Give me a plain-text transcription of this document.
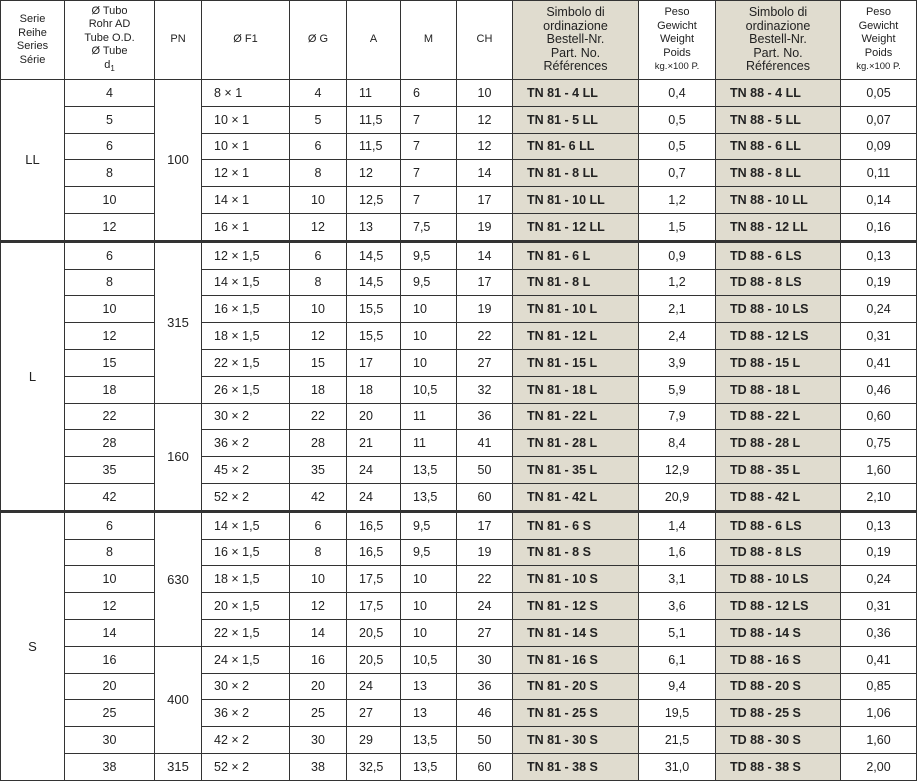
Serie
Reihe
Series
Série	Ø Tubo
Rohr AD
Tube O.D.
Ø Tube
$d_1$	PN	Ø F1	Ø G	A	M	CH	Simbolo di
ordinazione
Bestell-Nr.
Part. No.
Références	Peso
Gewicht
Weight
Poids
kg.×100 P.	Simbolo di
ordinazione
Bestell-Nr.
Part. No.
Références	Peso
Gewicht
Weight
Poids
kg.×100 P.
LL	4	100	8 × 1	4	11	6	10	TN 81 - 4 LL	0,4	TN 88 - 4 LL	0,05
	5		10 × 1	5	11,5	7	12	TN 81 - 5 LL	0,5	TN 88 - 5 LL	0,07
	6		10 × 1	6	11,5	7	12	TN 81- 6 LL	0,5	TN 88 - 6 LL	0,09
	8		12 × 1	8	12	7	14	TN 81 - 8 LL	0,7	TN 88 - 8 LL	0,11
	10		14 × 1	10	12,5	7	17	TN 81 - 10 LL	1,2	TN 88 - 10 LL	0,14
	12		16 × 1	12	13	7,5	19	TN 81 - 12 LL	1,5	TN 88 - 12 LL	0,16
L	6	315	12 × 1,5	6	14,5	9,5	14	TN 81 - 6 L	0,9	TD 88 - 6 LS	0,13
	8		14 × 1,5	8	14,5	9,5	17	TN 81 - 8 L	1,2	TD 88 - 8 LS	0,19
	10		16 × 1,5	10	15,5	10	19	TN 81 - 10 L	2,1	TD 88 - 10 LS	0,24
	12		18 × 1,5	12	15,5	10	22	TN 81 - 12 L	2,4	TD 88 - 12 LS	0,31
	15		22 × 1,5	15	17	10	27	TN 81 - 15 L	3,9	TD 88 - 15 L	0,41
	18		26 × 1,5	18	18	10,5	32	TN 81 - 18 L	5,9	TD 88 - 18 L	0,46
	22	160	30 × 2	22	20	11	36	TN 81 - 22 L	7,9	TD 88 - 22 L	0,60
	28		36 × 2	28	21	11	41	TN 81 - 28 L	8,4	TD 88 - 28 L	0,75
	35		45 × 2	35	24	13,5	50	TN 81 - 35 L	12,9	TD 88 - 35 L	1,60
	42		52 × 2	42	24	13,5	60	TN 81 - 42 L	20,9	TD 88 - 42 L	2,10
S	6	630	14 × 1,5	6	16,5	9,5	17	TN 81 - 6 S	1,4	TD 88 - 6 LS	0,13
	8		16 × 1,5	8	16,5	9,5	19	TN 81 - 8 S	1,6	TD 88 - 8 LS	0,19
	10		18 × 1,5	10	17,5	10	22	TN 81 - 10 S	3,1	TD 88 - 10 LS	0,24
	12		20 × 1,5	12	17,5	10	24	TN 81 - 12 S	3,6	TD 88 - 12 LS	0,31
	14		22 × 1,5	14	20,5	10	27	TN 81 - 14 S	5,1	TD 88 - 14 S	0,36
	16	400	24 × 1,5	16	20,5	10,5	30	TN 81 - 16 S	6,1	TD 88 - 16 S	0,41
	20		30 × 2	20	24	13	36	TN 81 - 20 S	9,4	TD 88 - 20 S	0,85
	25		36 × 2	25	27	13	46	TN 81 - 25 S	19,5	TD 88 - 25 S	1,06
	30		42 × 2	30	29	13,5	50	TN 81 - 30 S	21,5	TD 88 - 30 S	1,60
	38	315	52 × 2	38	32,5	13,5	60	TN 81 - 38 S	31,0	TD 88 - 38 S	2,00
